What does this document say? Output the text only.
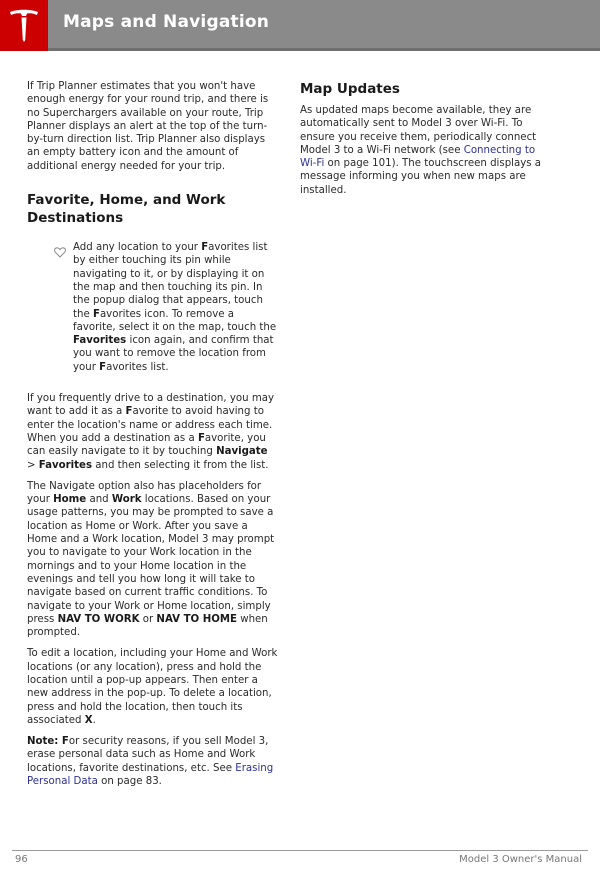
Maps and Navigation

If Trip Planner estimates that you won't have enough energy for your round trip, and there is no Superchargers available on your route, Trip Planner displays an alert at the top of the turn-by-turn direction list. Trip Planner also displays an empty battery icon and the amount of additional energy needed for your trip.

Favorite, Home, and Work Destinations

Add any location to your Favorites list by either touching its pin while navigating to it, or by displaying it on the map and then touching its pin. In the popup dialog that appears, touch the Favorites icon. To remove a favorite, select it on the map, touch the Favorites icon again, and confirm that you want to remove the location from your Favorites list.

If you frequently drive to a destination, you may want to add it as a Favorite to avoid having to enter the location's name or address each time. When you add a destination as a Favorite, you can easily navigate to it by touching Navigate > Favorites and then selecting it from the list.

The Navigate option also has placeholders for your Home and Work locations. Based on your usage patterns, you may be prompted to save a location as Home or Work. After you save a Home and a Work location, Model 3 may prompt you to navigate to your Work location in the mornings and to your Home location in the evenings and tell you how long it will take to navigate based on current traffic conditions. To navigate to your Work or Home location, simply press NAV TO WORK or NAV TO HOME when prompted.

To edit a location, including your Home and Work locations (or any location), press and hold the location until a pop-up appears. Then enter a new address in the pop-up. To delete a location, press and hold the location, then touch its associated X.

Note: For security reasons, if you sell Model 3, erase personal data such as Home and Work locations, favorite destinations, etc. See Erasing Personal Data on page 83.

Map Updates

As updated maps become available, they are automatically sent to Model 3 over Wi-Fi. To ensure you receive them, periodically connect Model 3 to a Wi-Fi network (see Connecting to Wi-Fi on page 101). The touchscreen displays a message informing you when new maps are installed.

96	Model 3 Owner's Manual
